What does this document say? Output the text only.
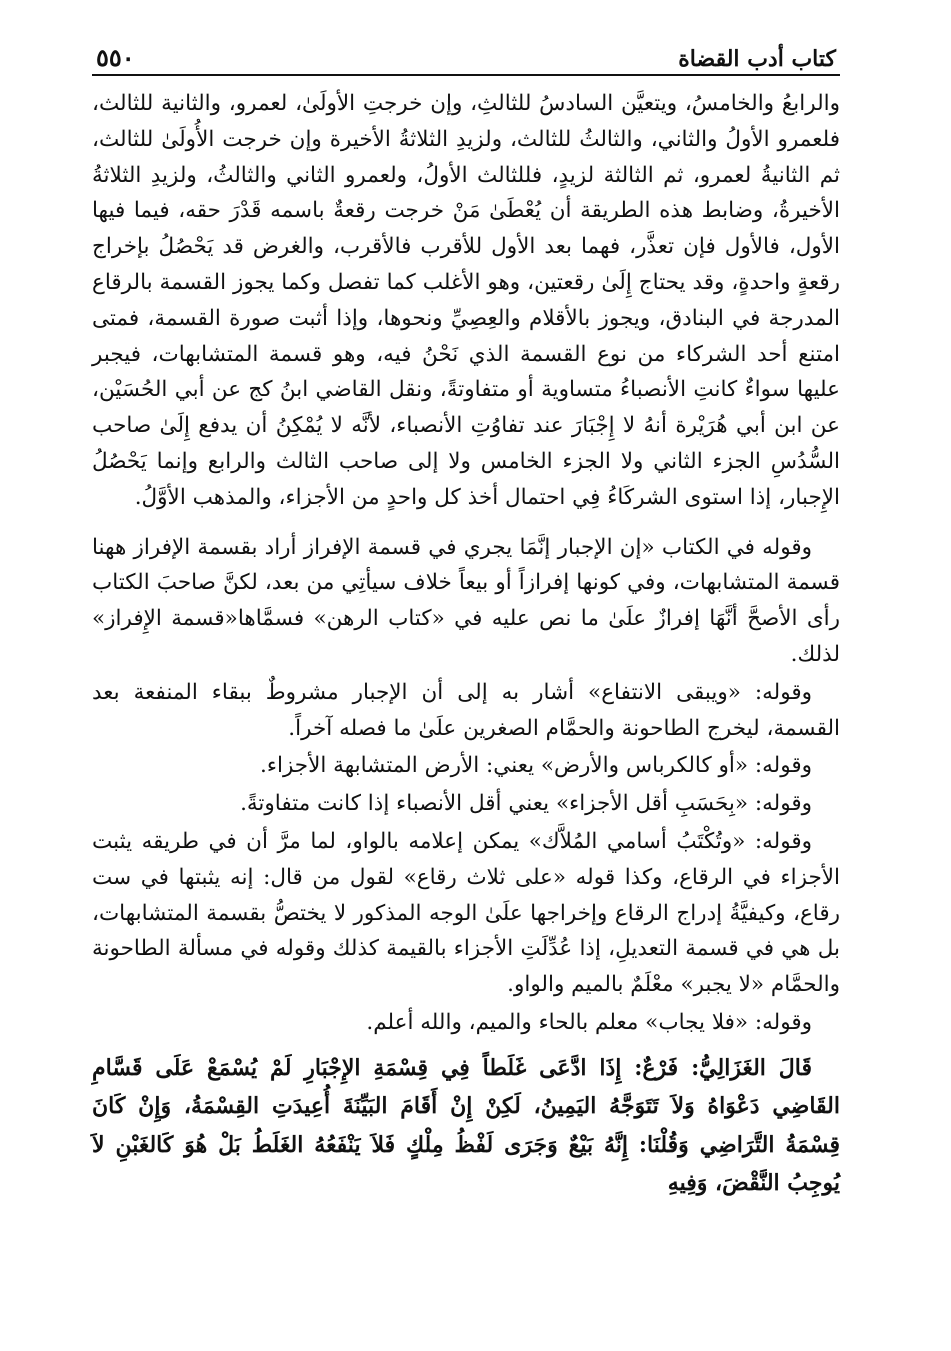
كتاب أدب القضاة
٥٥٠

والرابعُ والخامسُ، ويتعيَّن السادسُ للثالثِ، وإن خرجتِ الأولَىٰ، لعمرو، والثانية للثالث، فلعمرو الأولُ والثاني، والثالثُ للثالث، ولزيدِ الثلاثةُ الأخيرة وإن خرجت الأُولَىٰ للثالث، ثم الثانيةُ لعمرو، ثم الثالثة لزيدٍ، فللثالث الأولُ، ولعمرو الثاني والثالثُ، ولزيدِ الثلاثةُ الأخيرةُ، وضابط هذه الطريقة أن يُعْطَىٰ مَنْ خرجت رقعةٌ باسمه قَدْرَ حقه، فيما فيها الأول، فالأول فإن تعذَّر، فهما بعد الأول للأقرب فالأقرب، والغرض قد يَحْصُلُ بإخراج رقعةٍ واحدةٍ، وقد يحتاج إِلَىٰ رقعتين، وهو الأغلب كما تفصل وكما يجوز القسمة بالرقاع المدرجة في البنادق، ويجوز بالأقلام والعِصِيِّ ونحوها، وإذا أثبت صورة القسمة، فمتى امتنع أحد الشركاء من نوع القسمة الذي نَحْنُ فيه، وهو قسمة المتشابهات، فيجبر عليها سواءٌ كانتِ الأنصباءُ متساوية أو متفاوتةً، ونقل القاضي ابنُ كج عن أبي الحُسَيْن، عن ابن أبي هُرَيْرة أنهُ لا إِجْبَارَ عند تفاوُتِ الأنصباء، لأنَّه لا يُمْكِنُ أن يدفع إِلَىٰ صاحب السُّدُسِ الجزء الثاني ولا الجزء الخامس ولا إلى صاحب الثالث والرابع وإنما يَحْصُلُ الإِجبار، إذا استوى الشركَاءُ فِي احتمال أخذ كل واحدٍ من الأجزاء، والمذهب الأوَّلُ.

وقوله في الكتاب «إن الإجبار إنَّمَا يجري في قسمة الإفراز أراد بقسمة الإفراز ههنا قسمة المتشابهات، وفي كونها إفرازاً أو بيعاً خلاف سيأتِي من بعد، لكنَّ صاحبَ الكتاب رأى الأصحَّ أنَّهَا إفرازٌ علَىٰ ما نص عليه في «كتاب الرهن» فسمَّاها«قسمة الإِفراز» لذلك.

وقوله: «ويبقى الانتفاع» أشار به إلى أن الإجبار مشروطٌ ببقاء المنفعة بعد القسمة، ليخرج الطاحونة والحمَّام الصغرين علَىٰ ما فصله آخراً.

وقوله: «أو كالكرباس والأرض» يعني: الأرض المتشابهة الأجزاء.

وقوله: «بِحَسَبِ أقل الأجزاء» يعني أقل الأنصباء إذا كانت متفاوتةً.

وقوله: «وتُكْتَبُ أسامي المُلاَّك» يمكن إعلامه بالواو، لما مرَّ أن في طريقه يثبت الأجزاء في الرقاع، وكذا قوله «على ثلاث رقاع» لقول من قال: إنه يثبتها في ست رقاع، وكيفيَّةُ إدراج الرقاع وإخراجها علَىٰ الوجه المذكور لا يختصُّ بقسمة المتشابهات، بل هي في قسمة التعديلِ، إذا عُدِّلَتِ الأجزاء بالقيمة كذلك وقوله في مسألة الطاحونة والحمَّام «لا يجبر» معْلَمٌ بالميم والواو.

وقوله: «فلا يجاب» معلم بالحاء والميم، والله أعلم.

قَالَ الغَزَالِيُّ: فَرْعٌ: إِذَا ادَّعَى غَلَطاً فِي قِسْمَةِ الإِجْبَارِ لَمْ يُسْمَعْ عَلَى قَسَّامِ القَاضِي دَعْوَاهُ وَلاَ تَتَوَجَّهُ اليَمِينُ، لَكِنْ إِنْ أَقَامَ البَيِّنَةَ أُعِيدَتِ القِسْمَةُ، وَإِنْ كَانَ قِسْمَةُ التَّرَاضِي وَقُلْنَا: إِنَّهُ بَيْعٌ وَجَرَى لَفْظُ مِلْكٍ فَلاَ يَنْفَعُهُ الغَلَطُ بَلْ هُوَ كَالغَبْنِ لاَ يُوجِبُ النَّقْضَ، وَفِيهِ
